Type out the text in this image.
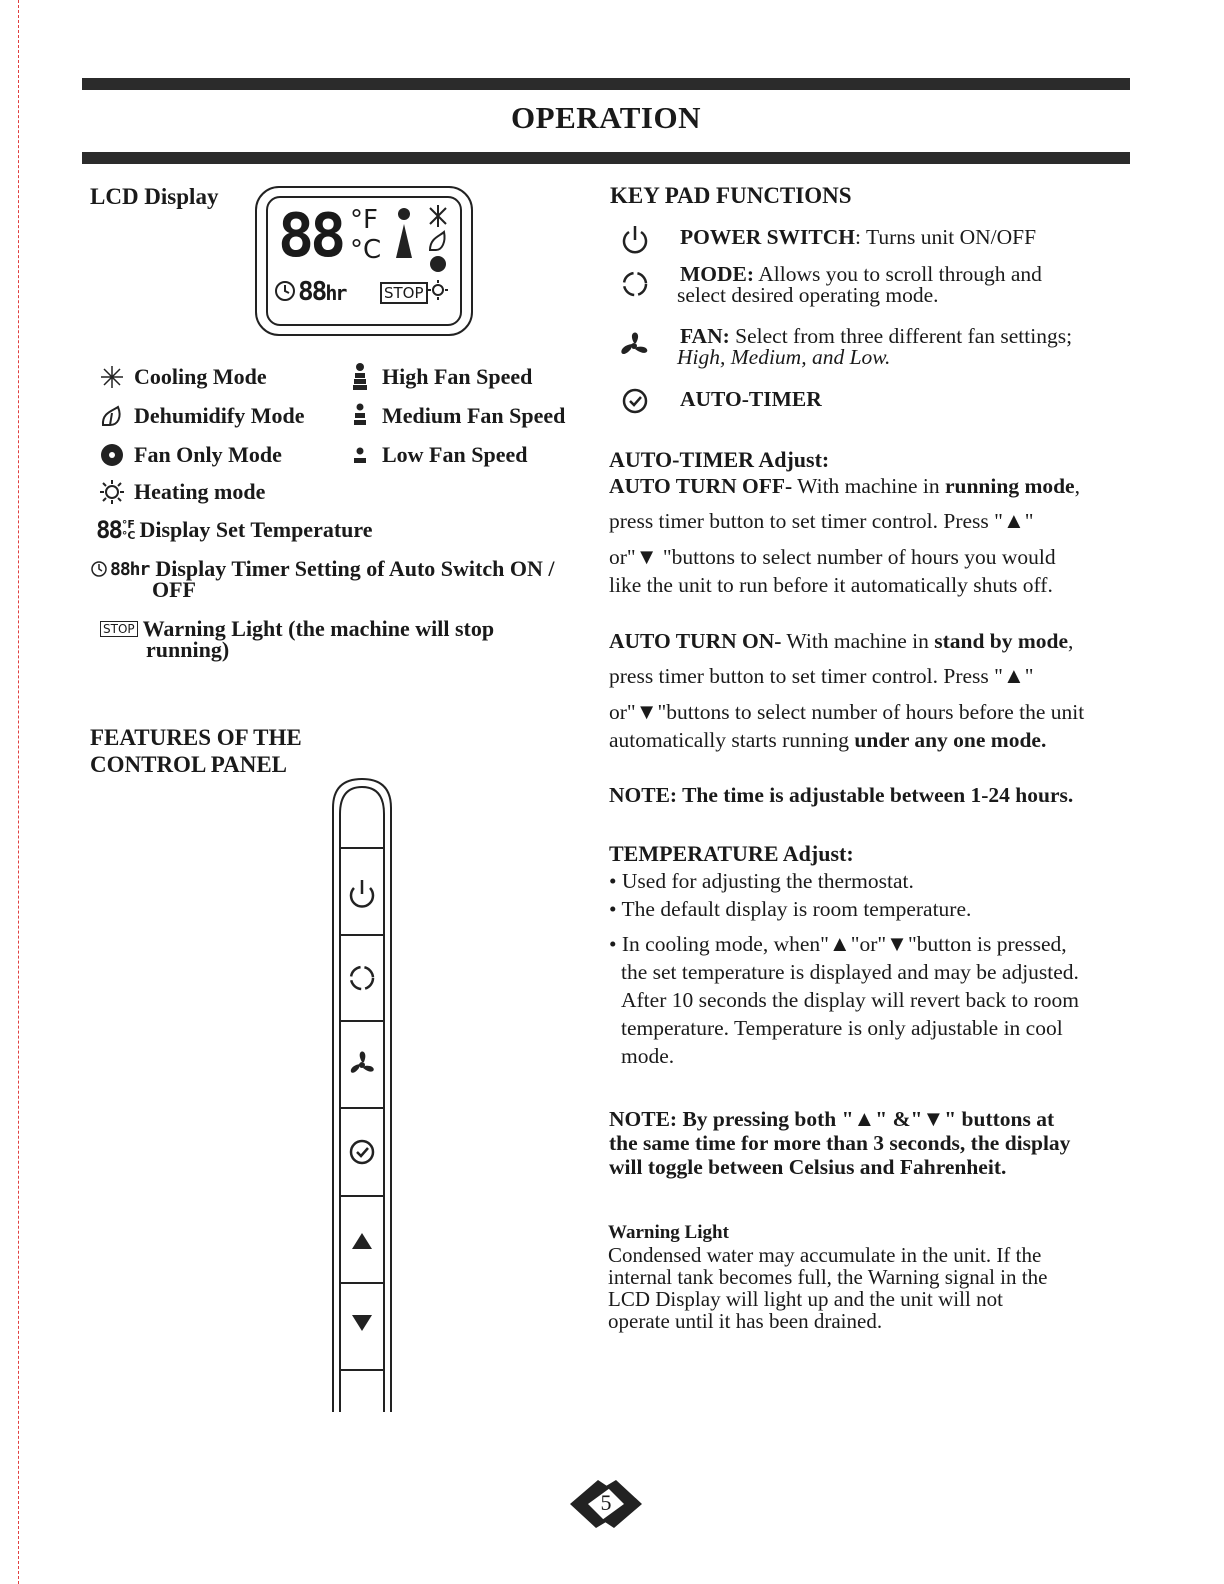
OPERATION
LCD Display
88 °F
°C
88hr	STOP
Cooling Mode
Dehumidify Mode
Fan Only Mode
Heating mode
High Fan Speed
Medium Fan Speed
Low Fan Speed
88 °F
°C Display Set Temperature
88hr Display Timer Setting of Auto Switch ON /
OFF
STOP Warning Light (the machine will stop
running)
FEATURES OF THE
CONTROL PANEL
KEY PAD FUNCTIONS
POWER SWITCH: Turns unit ON/OFF
MODE: Allows you to scroll through and
select desired operating mode.
FAN: Select from three different fan settings;
High, Medium, and Low.
AUTO-TIMER
AUTO-TIMER Adjust:
AUTO TURN OFF- With machine in running mode,
press timer button to set timer control. Press "▲"
or"▼ "buttons to select number of hours you would
like the unit to run before it automatically shuts off.
AUTO TURN ON- With machine in stand by mode,
press timer button to set timer control. Press "▲"
or"▼"buttons to select number of hours before the unit
automatically starts running under any one mode.
NOTE: The time is adjustable between 1-24 hours.
TEMPERATURE Adjust:
• Used for adjusting the thermostat.
• The default display is room temperature.
• In cooling mode, when"▲"or"▼"button is pressed,
the set temperature is displayed and may be adjusted.
After 10 seconds the display will revert back to room
temperature. Temperature is only adjustable in cool
mode.
NOTE: By pressing both "▲" &"▼" buttons at
the same time for more than 3 seconds, the display
will toggle between Celsius and Fahrenheit.
Warning Light
Condensed water may accumulate in the unit. If the
internal tank becomes full, the Warning signal in the
LCD Display will light up and the unit will not
operate until it has been drained.
5
